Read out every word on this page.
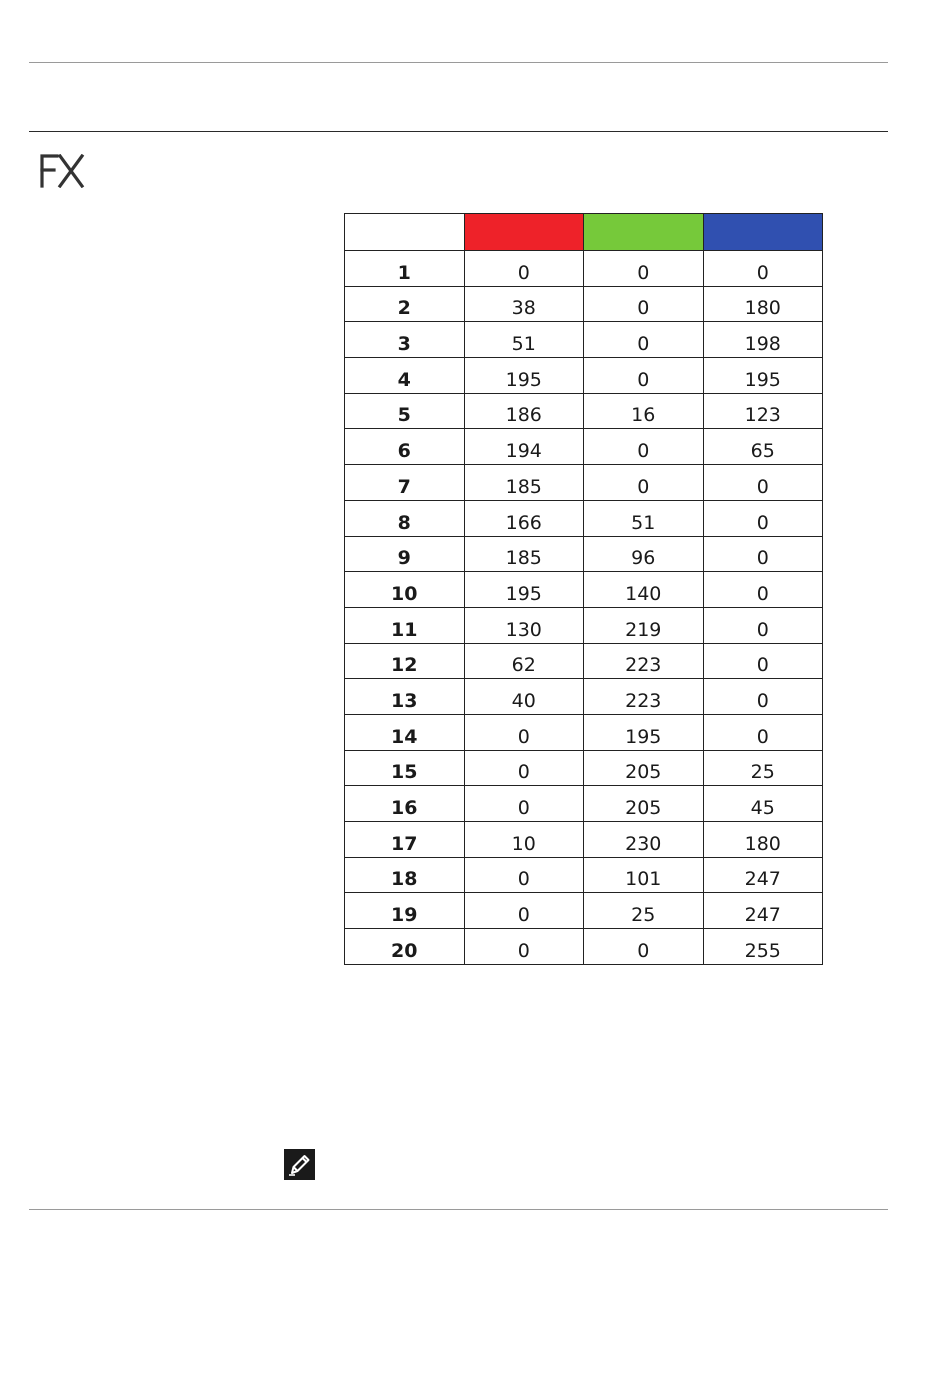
1	0	0	0
2	38	0	180
3	51	0	198
4	195	0	195
5	186	16	123
6	194	0	65
7	185	0	0
8	166	51	0
9	185	96	0
10	195	140	0
11	130	219	0
12	62	223	0
13	40	223	0
14	0	195	0
15	0	205	25
16	0	205	45
17	10	230	180
18	0	101	247
19	0	25	247
20	0	0	255
